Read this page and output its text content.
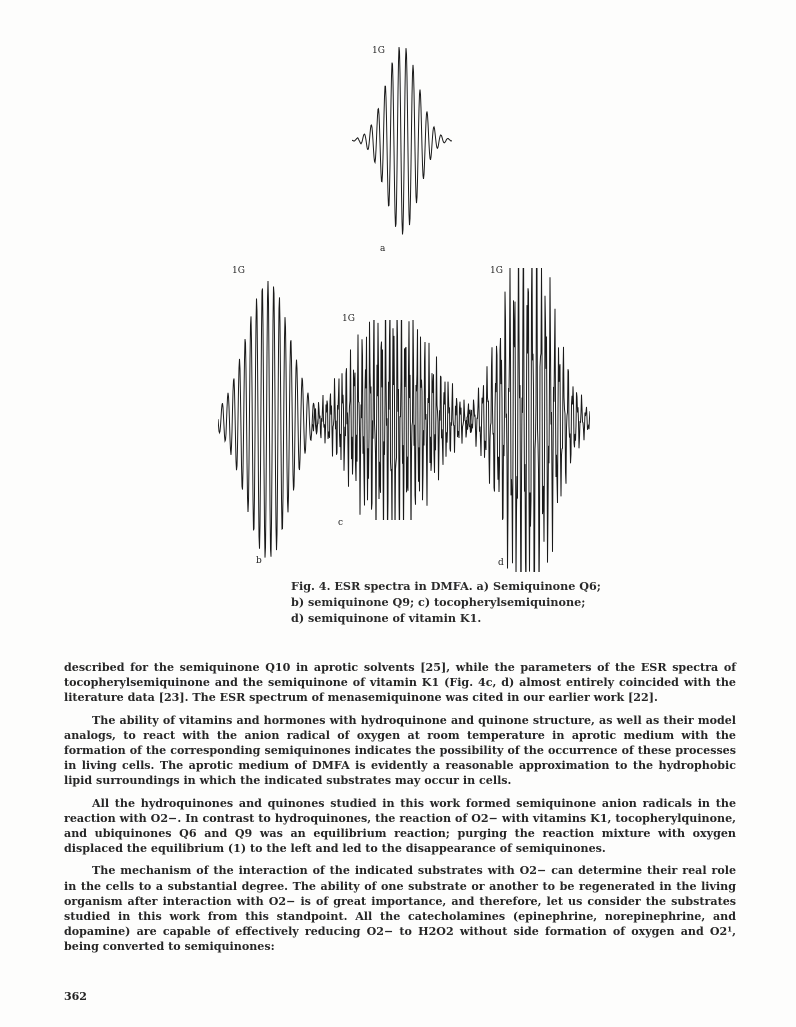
1G
a
1G
b
1G
c
1G
d
Fig. 4. ESR spectra in DMFA. a) Semiquinone Q6; b) semiquinone Q9; c) tocopherylsemiquinone; d) semiquinone of vitamin K1.

described for the semiquinone Q10 in aprotic solvents [25], while the parameters of the ESR spectra of tocopherylsemiquinone and the semiquinone of vitamin K1 (Fig. 4c, d) almost entirely coincided with the literature data [23]. The ESR spectrum of menasemiquinone was cited in our earlier work [22].

The ability of vitamins and hormones with hydroquinone and quinone structure, as well as their model analogs, to react with the anion radical of oxygen at room temperature in aprotic medium with the formation of the corresponding semiquinones indicates the possibility of the occurrence of these processes in living cells. The aprotic medium of DMFA is evidently a reasonable approximation to the hydrophobic lipid surroundings in which the indicated substrates may occur in cells.

All the hydroquinones and quinones studied in this work formed semiquinone anion radicals in the reaction with O2−. In contrast to hydroquinones, the reaction of O2− with vitamins K1, tocopherylquinone, and ubiquinones Q6 and Q9 was an equilibrium reaction; purging the reaction mixture with oxygen displaced the equilibrium (1) to the left and led to the disappearance of semiquinones.

The mechanism of the interaction of the indicated substrates with O2− can determine their real role in the cells to a substantial degree. The ability of one substrate or another to be regenerated in the living organism after interaction with O2− is of great importance, and therefore, let us consider the substrates studied in this work from this standpoint. All the catecholamines (epinephrine, norepinephrine, and dopamine) are capable of effectively reducing O2− to H2O2 without side formation of oxygen and O2¹, being converted to semiquinones:

362
